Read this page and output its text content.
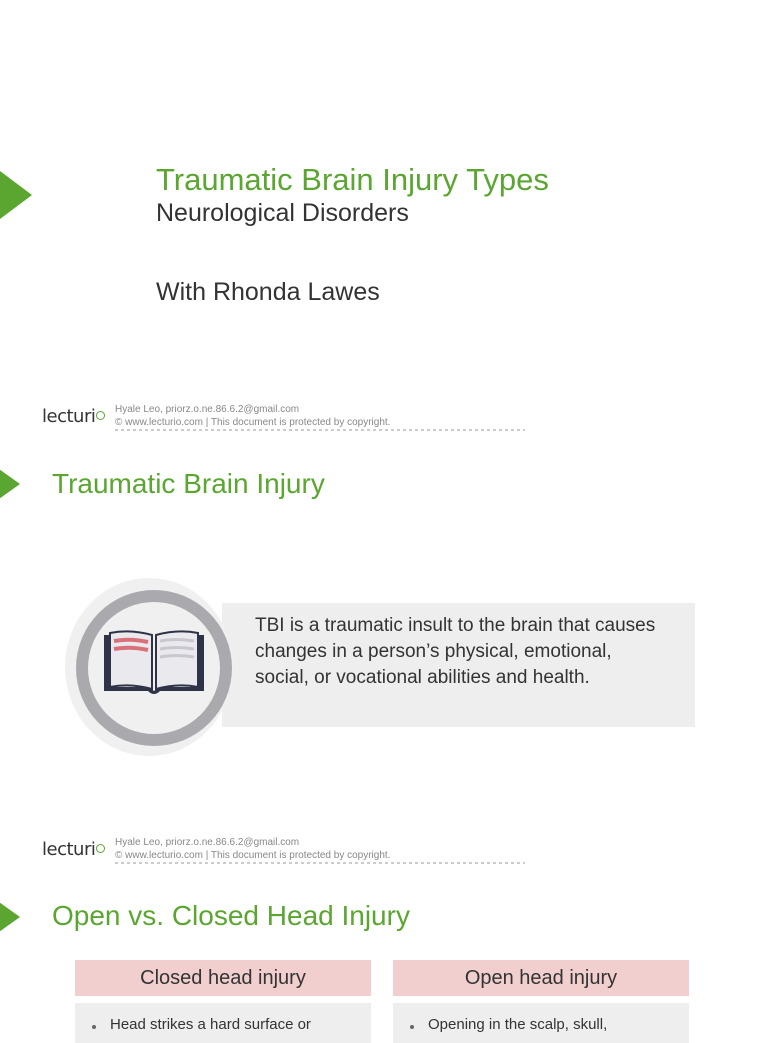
Traumatic Brain Injury Types
Neurological Disorders
With Rhonda Lawes
lecturi	Hyale Leo, priorz.o.ne.86.6.2@gmail.com
© www.lecturio.com | This document is protected by copyright.
Traumatic Brain Injury
TBI is a traumatic insult to the brain that causes changes in a person’s physical, emotional, social, or vocational abilities and health.
lecturi	Hyale Leo, priorz.o.ne.86.6.2@gmail.com
© www.lecturio.com | This document is protected by copyright.
Open vs. Closed Head Injury
Closed head injury	Open head injury
Head strikes a hard surface or	Opening in the scalp, skull,
